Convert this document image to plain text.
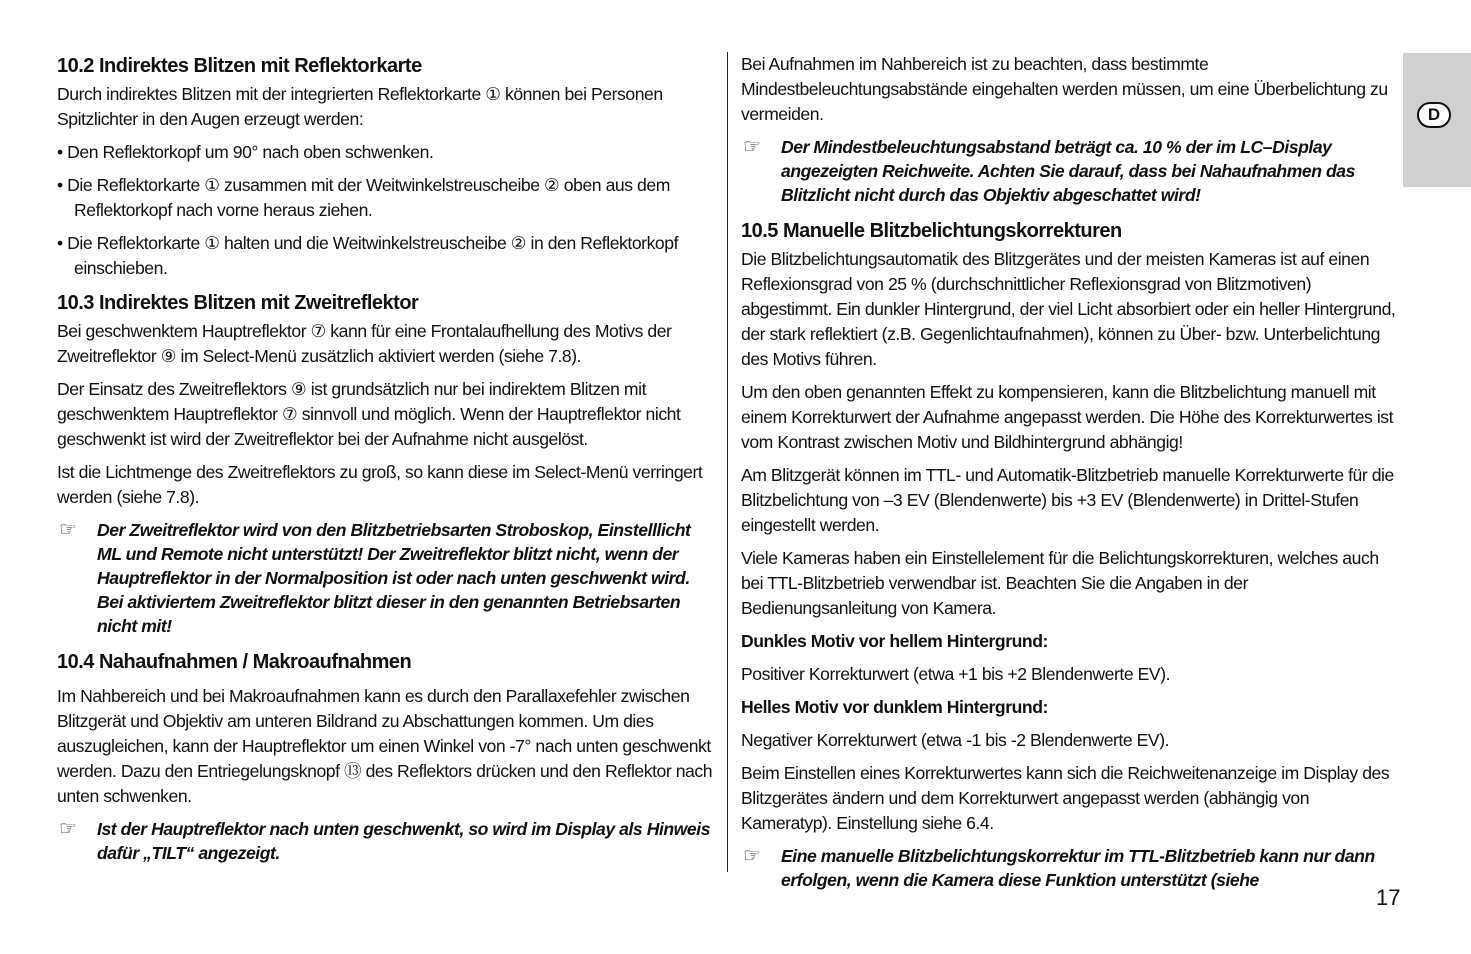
10.2 Indirektes Blitzen mit Reflektorkarte

Durch indirektes Blitzen mit der integrierten Reflektorkarte ① können bei Personen Spitzlichter in den Augen erzeugt werden:

• Den Reflektorkopf um 90° nach oben schwenken.

• Die Reflektorkarte ① zusammen mit der Weitwinkelstreuscheibe ② oben aus dem Reflektorkopf nach vorne heraus ziehen.

• Die Reflektorkarte ① halten und die Weitwinkelstreuscheibe ② in den Reflektorkopf einschieben.

10.3 Indirektes Blitzen mit Zweitreflektor

Bei geschwenktem Hauptreflektor ⑦ kann für eine Frontalaufhellung des Motivs der Zweitreflektor ⑨ im Select-Menü zusätzlich aktiviert werden (siehe 7.8).

Der Einsatz des Zweitreflektors ⑨ ist grundsätzlich nur bei indirektem Blitzen mit geschwenktem Hauptreflektor ⑦ sinnvoll und möglich. Wenn der Hauptreflektor nicht geschwenkt ist wird der Zweitreflektor bei der Aufnahme nicht ausgelöst.

Ist die Lichtmenge des Zweitreflektors zu groß, so kann diese im Select-Menü verringert werden (siehe 7.8).

☞ Der Zweitreflektor wird von den Blitzbetriebsarten Stroboskop, Einstelllicht ML und Remote nicht unterstützt! Der Zweitreflektor blitzt nicht, wenn der Hauptreflektor in der Normalposition ist oder nach unten geschwenkt wird. Bei aktiviertem Zweitreflektor blitzt dieser in den genannten Betriebsarten nicht mit!
10.4 Nahaufnahmen / Makroaufnahmen

Im Nahbereich und bei Makroaufnahmen kann es durch den Parallaxefehler zwischen Blitzgerät und Objektiv am unteren Bildrand zu Abschattungen kommen. Um dies auszugleichen, kann der Hauptreflektor um einen Winkel von -7° nach unten geschwenkt werden. Dazu den Entriegelungsknopf ⑬ des Reflektors drücken und den Reflektor nach unten schwenken.

☞ Ist der Hauptreflektor nach unten geschwenkt, so wird im Display als Hinweis dafür „TILT“ angezeigt.

Bei Aufnahmen im Nahbereich ist zu beachten, dass bestimmte Mindestbeleuchtungsabstände eingehalten werden müssen, um eine Überbelichtung zu vermeiden.

☞ Der Mindestbeleuchtungsabstand beträgt ca. 10 % der im LC–Display angezeigten Reichweite. Achten Sie darauf, dass bei Nahaufnahmen das Blitzlicht nicht durch das Objektiv abgeschattet wird!
10.5 Manuelle Blitzbelichtungskorrekturen

Die Blitzbelichtungsautomatik des Blitzgerätes und der meisten Kameras ist auf einen Reflexionsgrad von 25 % (durchschnittlicher Reflexionsgrad von Blitzmotiven) abgestimmt. Ein dunkler Hintergrund, der viel Licht absorbiert oder ein heller Hintergrund, der stark reflektiert (z.B. Gegenlichtaufnahmen), können zu Über- bzw. Unterbelichtung des Motivs führen.

Um den oben genannten Effekt zu kompensieren, kann die Blitzbelichtung manuell mit einem Korrekturwert der Aufnahme angepasst werden. Die Höhe des Korrekturwertes ist vom Kontrast zwischen Motiv und Bildhintergrund abhängig!

Am Blitzgerät können im TTL- und Automatik-Blitzbetrieb manuelle Korrekturwerte für die Blitzbelichtung von –3 EV (Blendenwerte) bis +3 EV (Blendenwerte) in Drittel-Stufen eingestellt werden.

Viele Kameras haben ein Einstellelement für die Belichtungskorrekturen, welches auch bei TTL-Blitzbetrieb verwendbar ist. Beachten Sie die Angaben in der Bedienungsanleitung von Kamera.

Dunkles Motiv vor hellem Hintergrund:

Positiver Korrekturwert (etwa +1 bis +2 Blendenwerte EV).

Helles Motiv vor dunklem Hintergrund:

Negativer Korrekturwert (etwa -1 bis -2 Blendenwerte EV).

Beim Einstellen eines Korrekturwertes kann sich die Reichweitenanzeige im Display des Blitzgerätes ändern und dem Korrekturwert angepasst werden (abhängig von Kameratyp). Einstellung siehe 6.4.

☞ Eine manuelle Blitzbelichtungskorrektur im TTL-Blitzbetrieb kann nur dann erfolgen, wenn die Kamera diese Funktion unterstützt (siehe
D
17
